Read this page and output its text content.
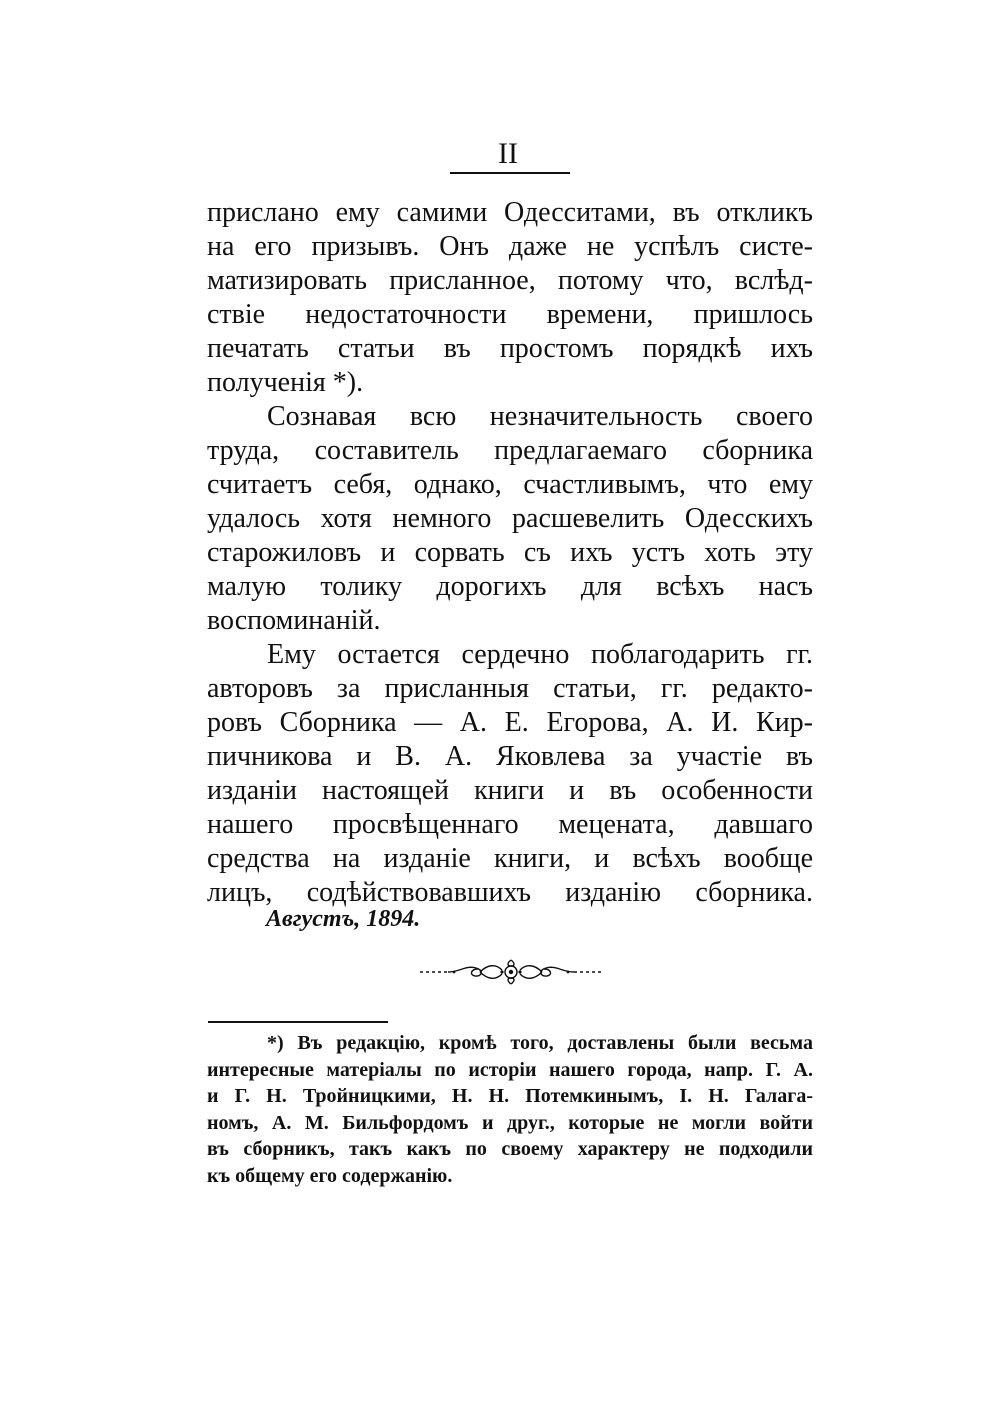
II
прислано ему самими Одесситами, въ откликъ
на его призывъ. Онъ даже не успѣлъ систе-
матизировать присланное, потому что, вслѣд-
ствіе недостаточности времени, пришлось
печатать статьи въ простомъ порядкѣ ихъ
полученія *).
Сознавая всю незначительность своего
труда, составитель предлагаемаго сборника
считаетъ себя, однако, счастливымъ, что ему
удалось хотя немного расшевелить Одесскихъ
старожиловъ и сорвать съ ихъ устъ хоть эту
малую толику дорогихъ для всѣхъ насъ
воспоминаній.
Ему остается сердечно поблагодарить гг.
авторовъ за присланныя статьи, гг. редакто-
ровъ Сборника — А. Е. Егорова, А. И. Кир-
пичникова и В. А. Яковлева за участіе въ
изданіи настоящей книги и въ особенности
нашего просвѣщеннаго мецената, давшаго
средства на изданіе книги, и всѣхъ вообще
лицъ, содѣйствовавшихъ изданію сборника.
Августъ, 1894.
*) Въ редакцію, кромѣ того, доставлены были весьма
интересные матеріалы по исторіи нашего города, напр. Г. А.
и Г. Н. Тройницкими, Н. Н. Потемкинымъ, І. Н. Галага-
номъ, А. М. Бильфордомъ и друг., которые не могли войти
въ сборникъ, такъ какъ по своему характеру не подходили
къ общему его содержанію.
